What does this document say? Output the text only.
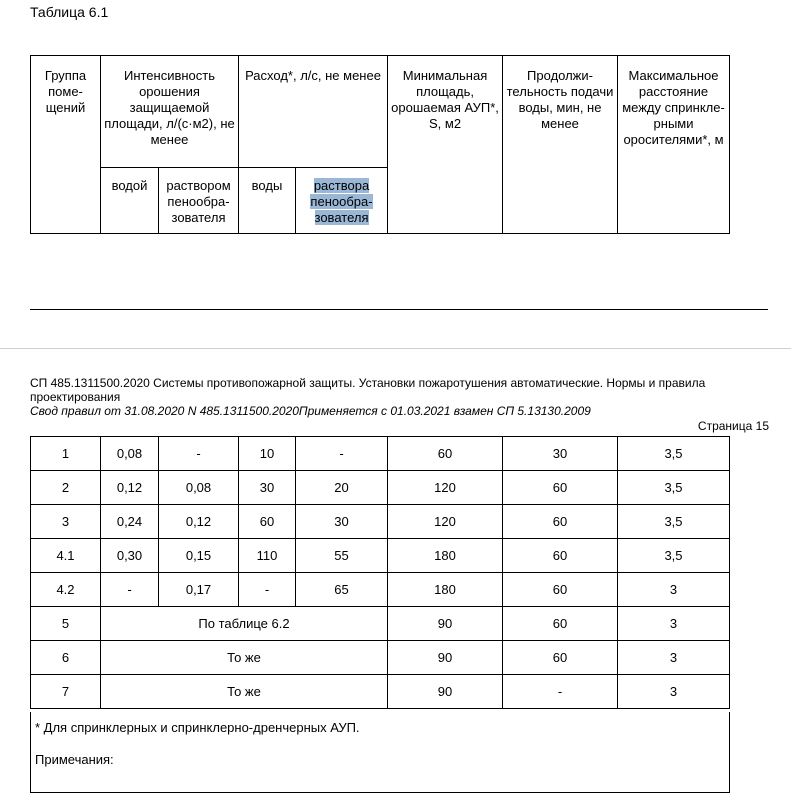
Таблица 6.1
Группа поме-щений	Интенсивность орошения защищаемой площади, л/(с·м2), не менее		Расход*, л/с, не менее		Минимальная площадь, орошаемая АУП*, S, м2	Продолжи-тельность подачи воды, мин, не менее	Максимальное расстояние между спринкле-рными оросителями*, м
	водой	раствором пенообра-зователя	воды	раствора пенообра-зователя			
СП 485.1311500.2020 Системы противопожарной защиты. Установки пожаротушения автоматические. Нормы и правила проектирования
Свод правил от 31.08.2020 N 485.1311500.2020Применяется с 01.03.2021 взамен СП 5.13130.2009
Страница 15
1	0,08	-	10	-	60	30	3,5
2	0,12	0,08	30	20	120	60	3,5
3	0,24	0,12	60	30	120	60	3,5
4.1	0,30	0,15	110	55	180	60	3,5
4.2	-	0,17	-	65	180	60	3
5	По таблице 6.2				90	60	3
6	То же				90	60	3
7	То же				90	-	3
* Для спринклерных и спринклерно-дренчерных АУП.
Примечания:
